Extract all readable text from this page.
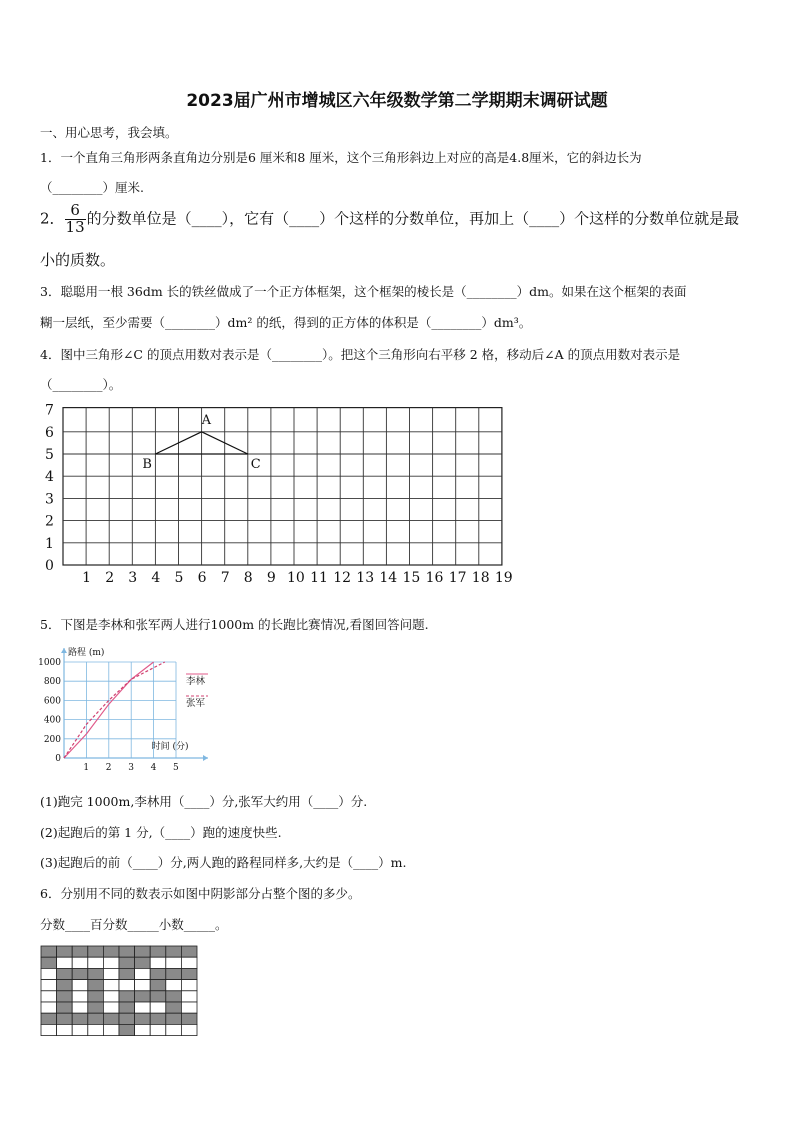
2023届广州市增城区六年级数学第二学期期末调研试题
一、用心思考，我会填。
1．一个直角三角形两条直角边分别是6 厘米和8 厘米，这个三角形斜边上对应的高是4.8厘米，它的斜边长为
（________）厘米.
2． $\frac{6}{13}$ 的分数单位是（____），它有（____）个这样的分数单位，再加上（____）个这样的分数单位就是最
小的质数。
3．聪聪用一根 36dm 长的铁丝做成了一个正方体框架，这个框架的棱长是（________）dm。如果在这个框架的表面
糊一层纸，至少需要（________）dm² 的纸，得到的正方体的体积是（________）dm³。
4．图中三角形∠C 的顶点用数对表示是（________）。把这个三角形向右平移 2 格，移动后∠A 的顶点用数对表示是
（________）。
1 2 3 4 5 6 7 8 9 10 11 12 13 14 15 16 17 18 19
0
1
2
3
4
5
6
7
A
B	C
5．下图是李林和张军两人进行1000m 的长跑比赛情况,看图回答问题.
1 2 3 4 5
0
200
400
600
800
1000
路程 (m)
时间 (分)
李林
张军
(1)跑完 1000m,李林用（____）分,张军大约用（____）分.
(2)起跑后的第 1 分,（____）跑的速度快些.
(3)起跑后的前（____）分,两人跑的路程同样多,大约是（____）m.
6．分别用不同的数表示如图中阴影部分占整个图的多少。
分数____百分数_____小数_____。
